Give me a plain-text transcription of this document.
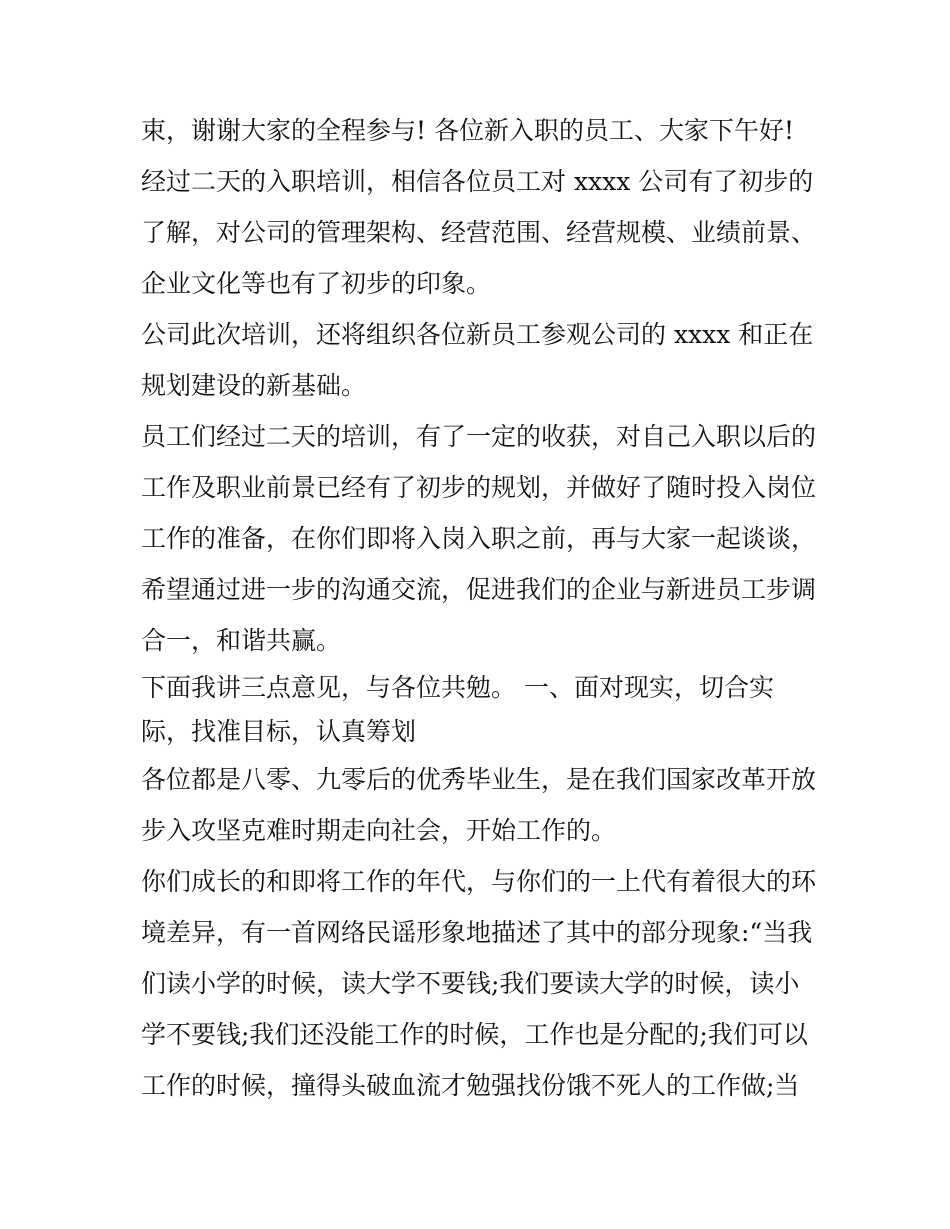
束，谢谢大家的全程参与! 各位新入职的员工、大家下午好!
经过二天的入职培训，相信各位员工对 xxxx 公司有了初步的
了解，对公司的管理架构、经营范围、经营规模、业绩前景、
企业文化等也有了初步的印象。
公司此次培训，还将组织各位新员工参观公司的 xxxx 和正在
规划建设的新基础。
员工们经过二天的培训，有了一定的收获，对自己入职以后的
工作及职业前景已经有了初步的规划，并做好了随时投入岗位
工作的准备，在你们即将入岗入职之前，再与大家一起谈谈，
希望通过进一步的沟通交流，促进我们的企业与新进员工步调
合一，和谐共赢。
下面我讲三点意见，与各位共勉。 一、面对现实，切合实
际，找准目标，认真筹划
各位都是八零、九零后的优秀毕业生，是在我们国家改革开放
步入攻坚克难时期走向社会，开始工作的。
你们成长的和即将工作的年代，与你们的一上代有着很大的环
境差异，有一首网络民谣形象地描述了其中的部分现象:“当我
们读小学的时候，读大学不要钱;我们要读大学的时候，读小
学不要钱;我们还没能工作的时候，工作也是分配的;我们可以
工作的时候，撞得头破血流才勉强找份饿不死人的工作做;当
